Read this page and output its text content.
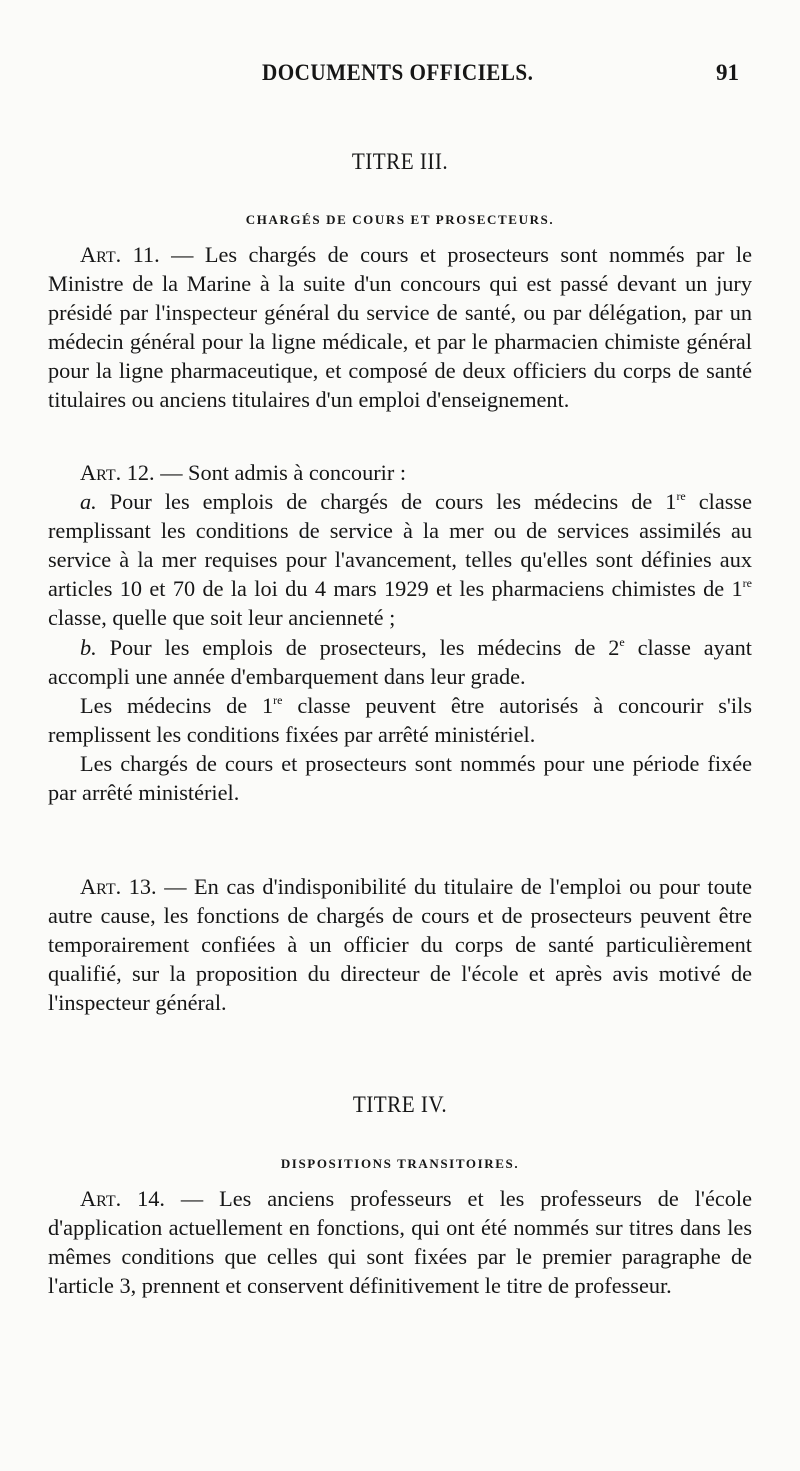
DOCUMENTS OFFICIELS.	91
TITRE III.
CHARGÉS DE COURS ET PROSECTEURS.

Art. 11. — Les chargés de cours et prosecteurs sont nommés par le Ministre de la Marine à la suite d'un concours qui est passé devant un jury présidé par l'inspecteur général du service de santé, ou par délégation, par un médecin général pour la ligne médicale, et par le pharmacien chimiste général pour la ligne pharmaceutique, et composé de deux officiers du corps de santé titulaires ou anciens titulaires d'un emploi d'enseignement.

Art. 12. — Sont admis à concourir :

a. Pour les emplois de chargés de cours les médecins de 1re classe remplissant les conditions de service à la mer ou de services assimilés au service à la mer requises pour l'avancement, telles qu'elles sont définies aux articles 10 et 70 de la loi du 4 mars 1929 et les pharmaciens chimistes de 1re classe, quelle que soit leur ancienneté ;

b. Pour les emplois de prosecteurs, les médecins de 2e classe ayant accompli une année d'embarquement dans leur grade.

Les médecins de 1re classe peuvent être autorisés à concourir s'ils remplissent les conditions fixées par arrêté ministériel.

Les chargés de cours et prosecteurs sont nommés pour une période fixée par arrêté ministériel.

Art. 13. — En cas d'indisponibilité du titulaire de l'emploi ou pour toute autre cause, les fonctions de chargés de cours et de prosecteurs peuvent être temporairement confiées à un officier du corps de santé particulièrement qualifié, sur la proposition du directeur de l'école et après avis motivé de l'inspecteur général.

TITRE IV.
DISPOSITIONS TRANSITOIRES.

Art. 14. — Les anciens professeurs et les professeurs de l'école d'application actuellement en fonctions, qui ont été nommés sur titres dans les mêmes conditions que celles qui sont fixées par le premier paragraphe de l'article 3, prennent et conservent définitivement le titre de professeur.
